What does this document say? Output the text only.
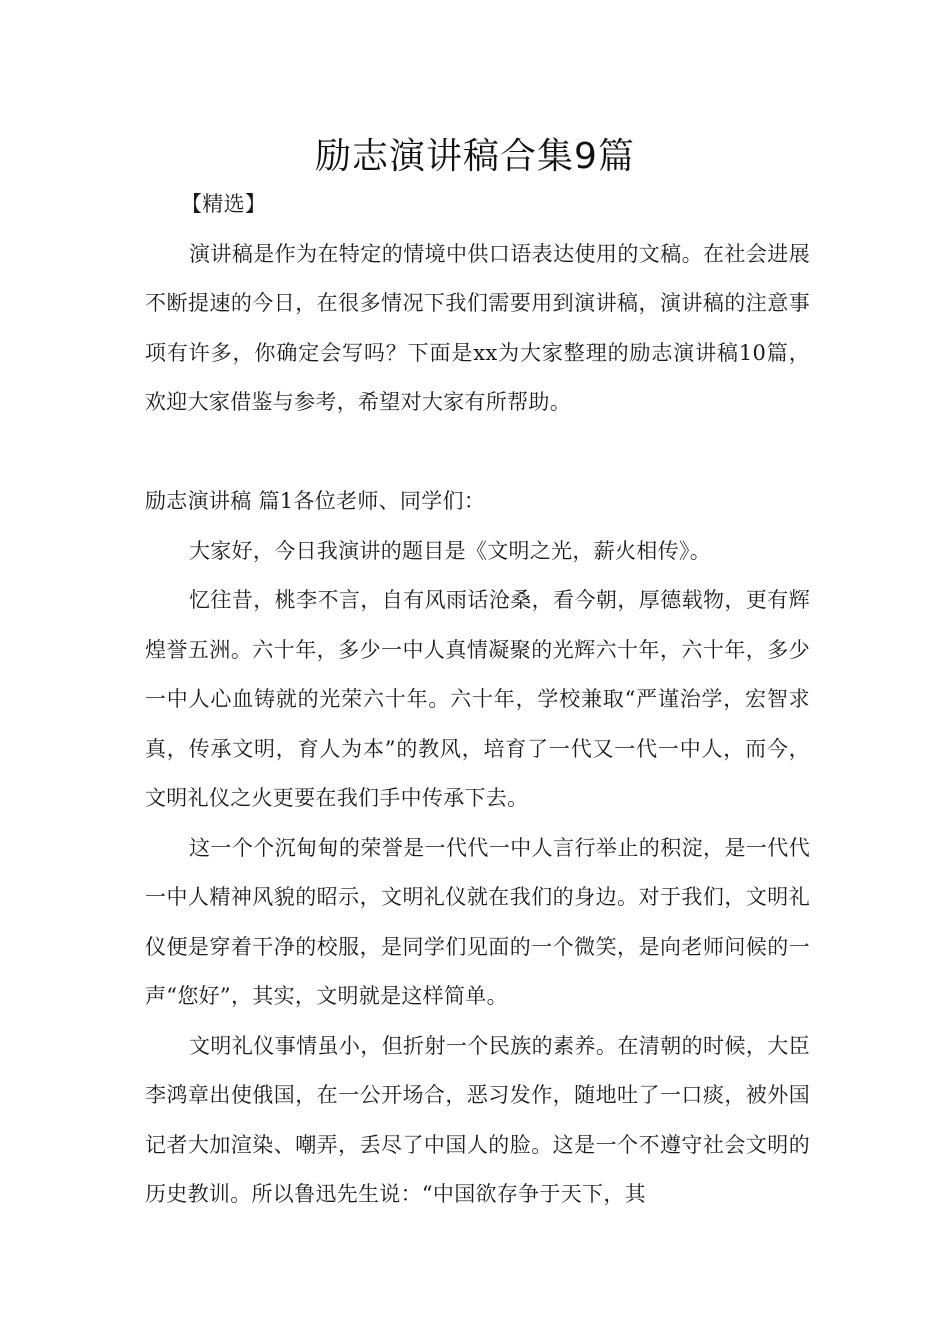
励志演讲稿合集9篇

【精选】

演讲稿是作为在特定的情境中供口语表达使用的文稿。在社会进展不断提速的今日，在很多情况下我们需要用到演讲稿，演讲稿的注意事项有许多，你确定会写吗？下面是xx为大家整理的励志演讲稿10篇，欢迎大家借鉴与参考，希望对大家有所帮助。

励志演讲稿 篇1各位老师、同学们：

大家好，今日我演讲的题目是《文明之光，薪火相传》。

忆往昔，桃李不言，自有风雨话沧桑，看今朝，厚德载物，更有辉煌誉五洲。六十年，多少一中人真情凝聚的光辉六十年，六十年，多少一中人心血铸就的光荣六十年。六十年，学校兼取“严谨治学，宏智求真，传承文明，育人为本”的教风，培育了一代又一代一中人，而今，文明礼仪之火更要在我们手中传承下去。

这一个个沉甸甸的荣誉是一代代一中人言行举止的积淀，是一代代一中人精神风貌的昭示，文明礼仪就在我们的身边。对于我们，文明礼仪便是穿着干净的校服，是同学们见面的一个微笑，是向老师问候的一声“您好”，其实，文明就是这样简单。

文明礼仪事情虽小，但折射一个民族的素养。在清朝的时候，大臣李鸿章出使俄国，在一公开场合，恶习发作，随地吐了一口痰，被外国记者大加渲染、嘲弄，丢尽了中国人的脸。这是一个不遵守社会文明的历史教训。所以鲁迅先生说：“中国欲存争于天下，其
